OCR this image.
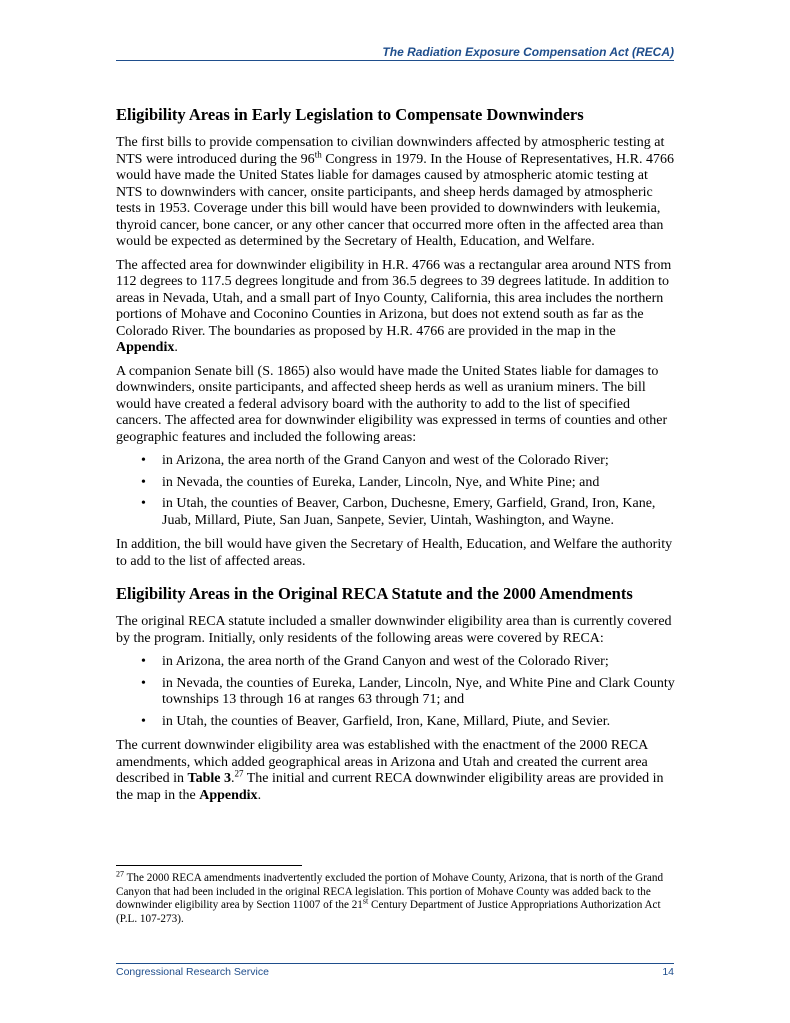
The Radiation Exposure Compensation Act (RECA)
Eligibility Areas in Early Legislation to Compensate Downwinders

The first bills to provide compensation to civilian downwinders affected by atmospheric testing at NTS were introduced during the 96th Congress in 1979. In the House of Representatives, H.R. 4766 would have made the United States liable for damages caused by atmospheric atomic testing at NTS to downwinders with cancer, onsite participants, and sheep herds damaged by atmospheric tests in 1953. Coverage under this bill would have been provided to downwinders with leukemia, thyroid cancer, bone cancer, or any other cancer that occurred more often in the affected area than would be expected as determined by the Secretary of Health, Education, and Welfare.

The affected area for downwinder eligibility in H.R. 4766 was a rectangular area around NTS from 112 degrees to 117.5 degrees longitude and from 36.5 degrees to 39 degrees latitude. In addition to areas in Nevada, Utah, and a small part of Inyo County, California, this area includes the northern portions of Mohave and Coconino Counties in Arizona, but does not extend south as far as the Colorado River. The boundaries as proposed by H.R. 4766 are provided in the map in the Appendix.

A companion Senate bill (S. 1865) also would have made the United States liable for damages to downwinders, onsite participants, and affected sheep herds as well as uranium miners. The bill would have created a federal advisory board with the authority to add to the list of specified cancers. The affected area for downwinder eligibility was expressed in terms of counties and other geographic features and included the following areas:

• in Arizona, the area north of the Grand Canyon and west of the Colorado River;
• in Nevada, the counties of Eureka, Lander, Lincoln, Nye, and White Pine; and
• in Utah, the counties of Beaver, Carbon, Duchesne, Emery, Garfield, Grand, Iron, Kane, Juab, Millard, Piute, San Juan, Sanpete, Sevier, Uintah, Washington, and Wayne.

In addition, the bill would have given the Secretary of Health, Education, and Welfare the authority to add to the list of affected areas.

Eligibility Areas in the Original RECA Statute and the 2000 Amendments

The original RECA statute included a smaller downwinder eligibility area than is currently covered by the program. Initially, only residents of the following areas were covered by RECA:

• in Arizona, the area north of the Grand Canyon and west of the Colorado River;
• in Nevada, the counties of Eureka, Lander, Lincoln, Nye, and White Pine and Clark County townships 13 through 16 at ranges 63 through 71; and
• in Utah, the counties of Beaver, Garfield, Iron, Kane, Millard, Piute, and Sevier.

The current downwinder eligibility area was established with the enactment of the 2000 RECA amendments, which added geographical areas in Arizona and Utah and created the current area described in Table 3.27 The initial and current RECA downwinder eligibility areas are provided in the map in the Appendix.

$^{27}$ The 2000 RECA amendments inadvertently excluded the portion of Mohave County, Arizona, that is north of the Grand Canyon that had been included in the original RECA legislation. This portion of Mohave County was added back to the downwinder eligibility area by Section 11007 of the 21st Century Department of Justice Appropriations Authorization Act (P.L. 107-273).
Congressional Research Service	14
